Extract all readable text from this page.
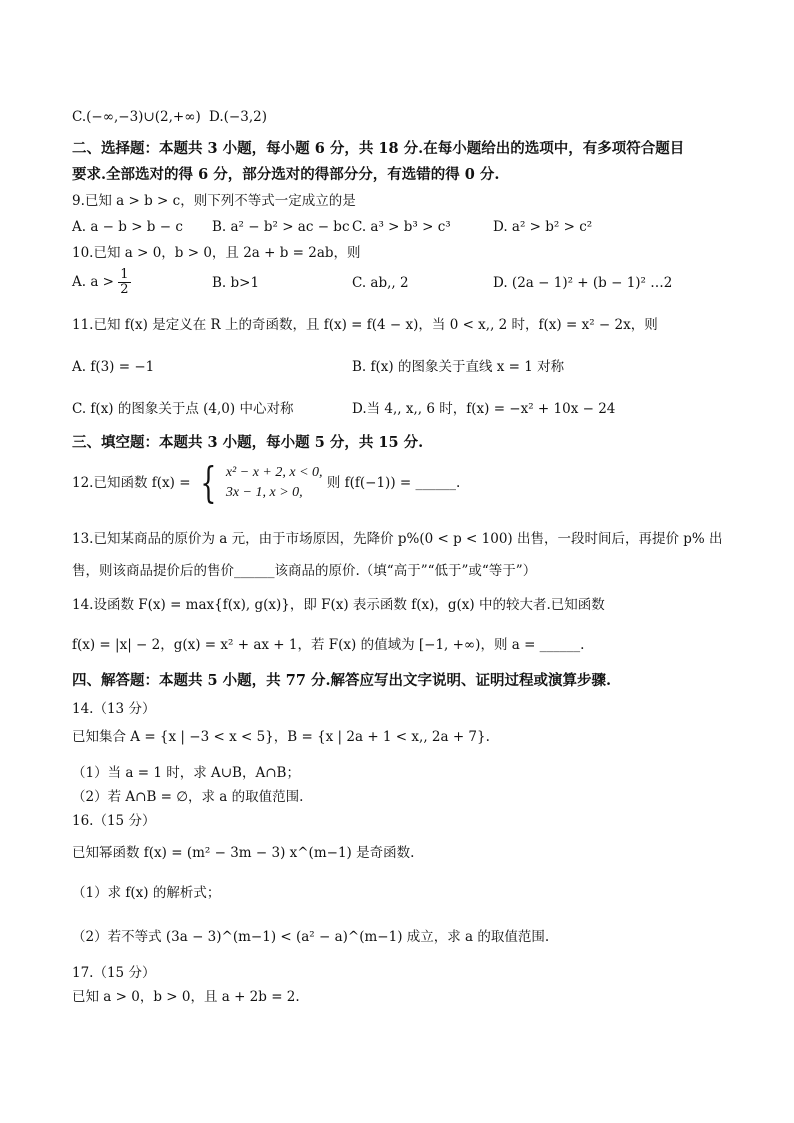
C.(−∞,−3)∪(2,+∞) D.(−3,2)
二、选择题：本题共 3 小题，每小题 6 分，共 18 分.在每小题给出的选项中，有多项符合题目
要求.全部选对的得 6 分，部分选对的得部分分，有选错的得 0 分.
9.已知 a > b > c，则下列不等式一定成立的是
A. a − b > b − c B. a² − b² > ac − bc C. a³ > b³ > c³	D. a² > b² > c²
10.已知 a > 0，b > 0，且 2a + b = 2ab，则
A. $a > \frac{1}{2}$	B. b>1	C. ab,, 2	D. (2a − 1)² + (b − 1)² …2
11.已知 f(x) 是定义在 R 上的奇函数，且 f(x) = f(4 − x)，当 0 < x,, 2 时，f(x) = x² − 2x，则
A. f(3) = −1	B. f(x) 的图象关于直线 x = 1 对称
C. f(x) 的图象关于点 (4,0) 中心对称	D.当 4,, x,, 6 时，f(x) = −x² + 10x − 24
三、填空题：本题共 3 小题，每小题 5 分，共 15 分.
12.已知函数 f(x) = { x² − x + 2, x < 0,
3x − 1, x > 0,
则 f(f(−1)) = ______.
13.已知某商品的原价为 a 元，由于市场原因，先降价 p%(0 < p < 100) 出售，一段时间后，再提价 p% 出
售，则该商品提价后的售价______该商品的原价.（填“高于”“低于”或“等于”）
14.设函数 F(x) = max{f(x), g(x)}，即 F(x) 表示函数 f(x)，g(x) 中的较大者.已知函数
f(x) = |x| − 2，g(x) = x² + ax + 1，若 F(x) 的值域为 [−1, +∞)，则 a = ______.
四、解答题：本题共 5 小题，共 77 分.解答应写出文字说明、证明过程或演算步骤.
14.（13 分）
已知集合 A = {x | −3 < x < 5}，B = {x | 2a + 1 < x,, 2a + 7}.
（1）当 a = 1 时，求 A∪B，A∩B；
（2）若 A∩B = ∅，求 a 的取值范围.
16.（15 分）
已知幂函数 f(x) = (m² − 3m − 3) x^(m−1) 是奇函数.
（1）求 f(x) 的解析式；
（2）若不等式 (3a − 3)^(m−1) < (a² − a)^(m−1) 成立，求 a 的取值范围.
17.（15 分）
已知 a > 0，b > 0，且 a + 2b = 2.
